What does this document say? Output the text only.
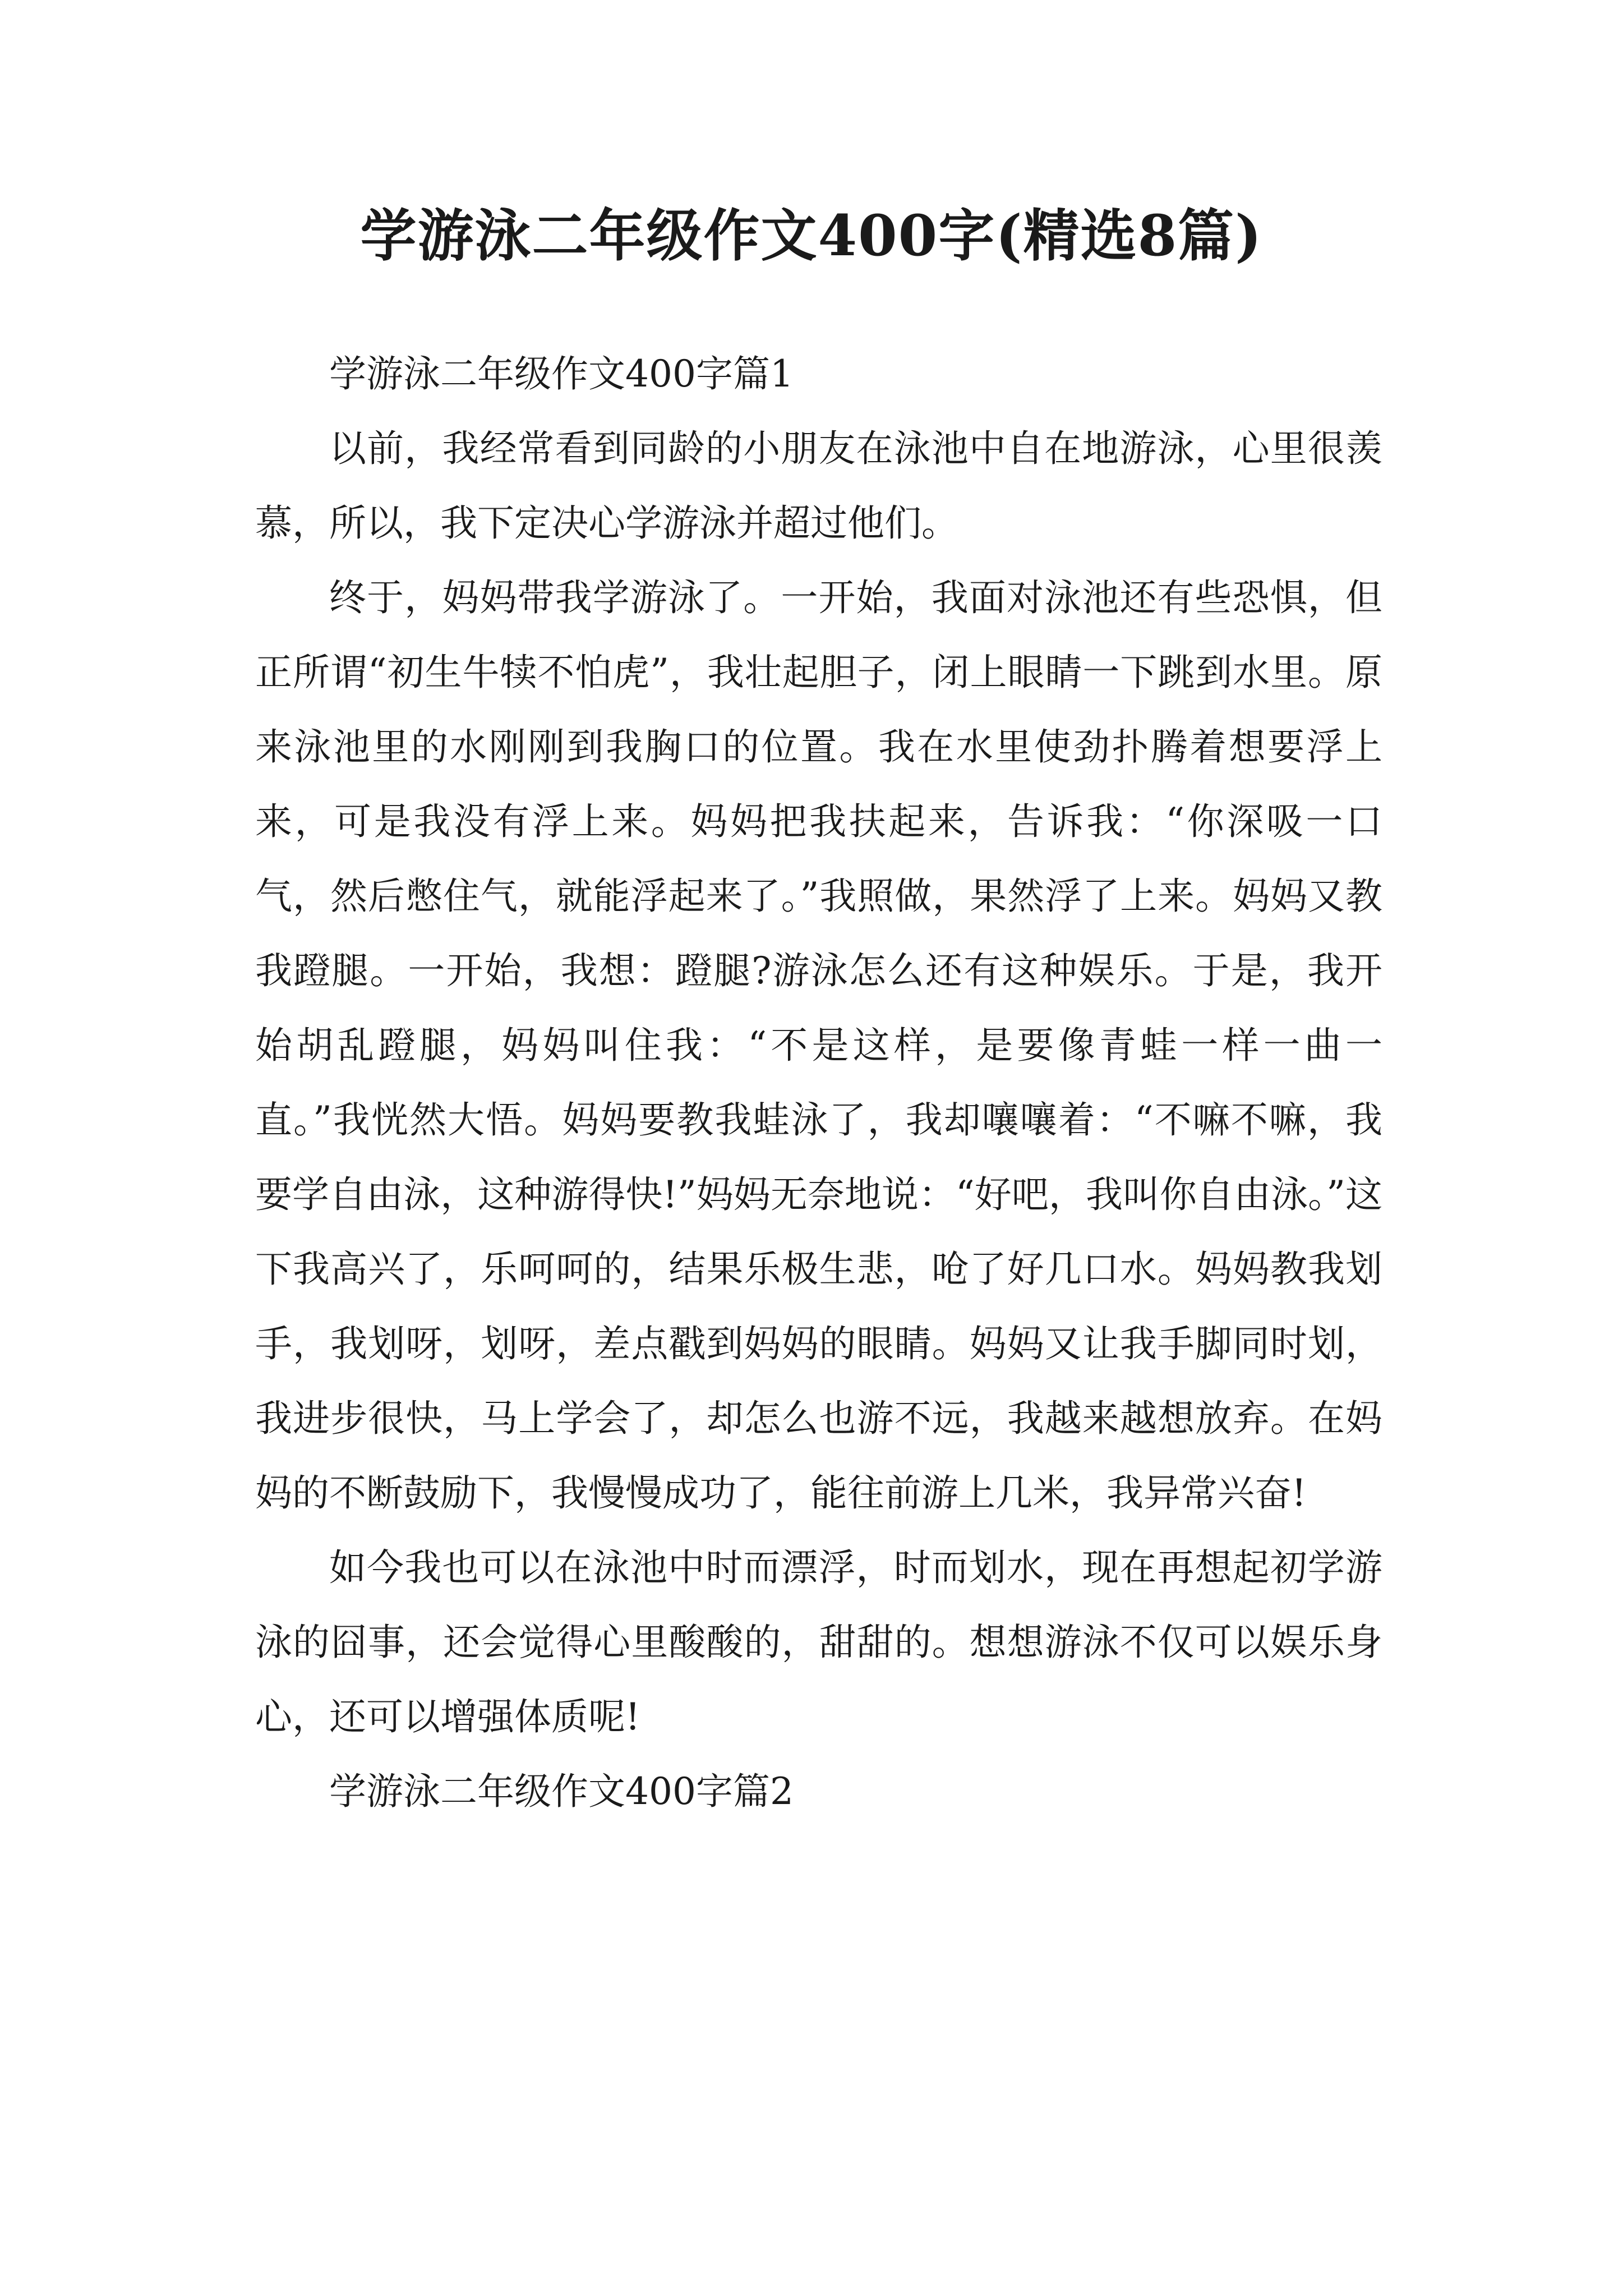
学游泳二年级作文400字(精选8篇)

学游泳二年级作文400字篇1

以前，我经常看到同龄的小朋友在泳池中自在地游泳，心里很羡慕，所以，我下定决心学游泳并超过他们。

终于，妈妈带我学游泳了。一开始，我面对泳池还有些恐惧，但正所谓“初生牛犊不怕虎”，我壮起胆子，闭上眼睛一下跳到水里。原来泳池里的水刚刚到我胸口的位置。我在水里使劲扑腾着想要浮上来，可是我没有浮上来。妈妈把我扶起来，告诉我：“你深吸一口气，然后憋住气，就能浮起来了。”我照做，果然浮了上来。妈妈又教我蹬腿。一开始，我想：蹬腿?游泳怎么还有这种娱乐。于是，我开始胡乱蹬腿，妈妈叫住我：“不是这样，是要像青蛙一样一曲一直。”我恍然大悟。妈妈要教我蛙泳了，我却嚷嚷着：“不嘛不嘛，我要学自由泳，这种游得快!”妈妈无奈地说：“好吧，我叫你自由泳。”这下我高兴了，乐呵呵的，结果乐极生悲，呛了好几口水。妈妈教我划手，我划呀，划呀，差点戳到妈妈的眼睛。妈妈又让我手脚同时划，我进步很快，马上学会了，却怎么也游不远，我越来越想放弃。在妈妈的不断鼓励下，我慢慢成功了，能往前游上几米，我异常兴奋!

如今我也可以在泳池中时而漂浮，时而划水，现在再想起初学游泳的囧事，还会觉得心里酸酸的，甜甜的。想想游泳不仅可以娱乐身心，还可以增强体质呢!

学游泳二年级作文400字篇2
